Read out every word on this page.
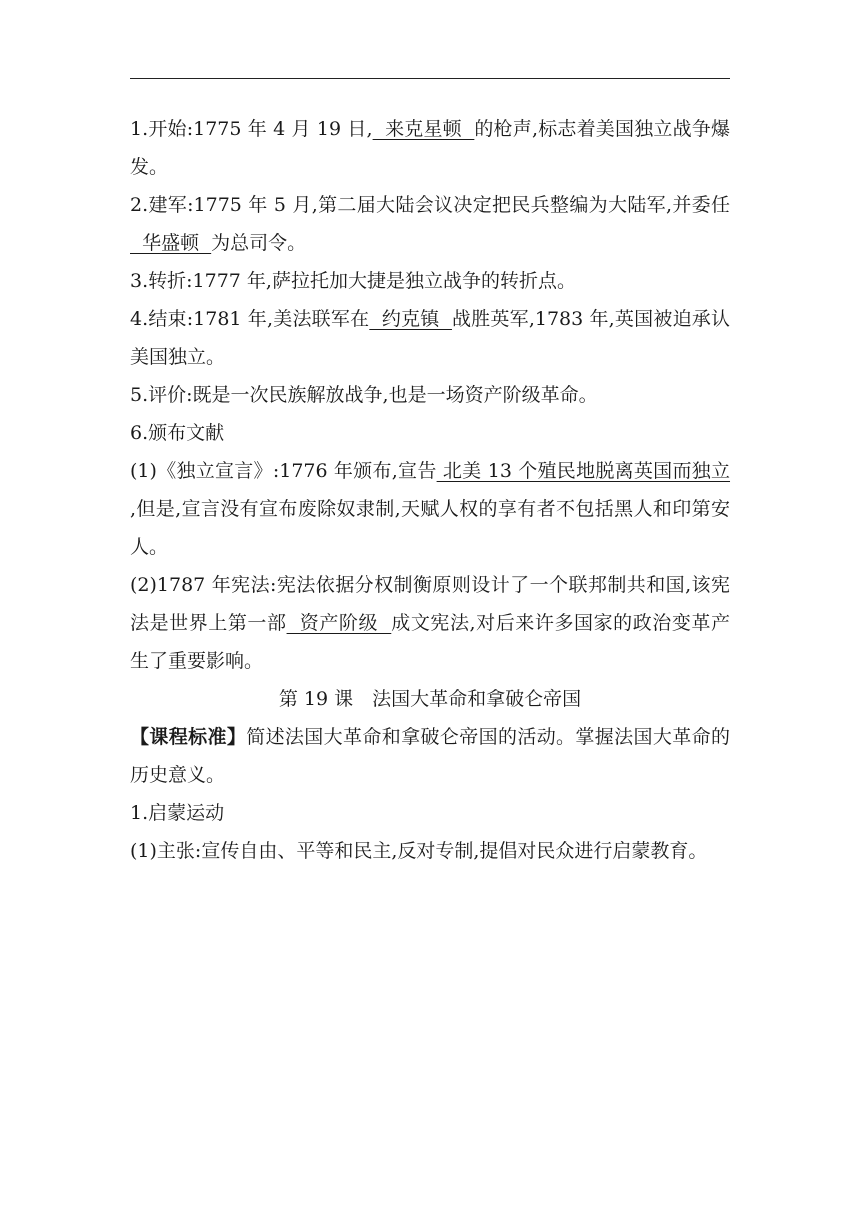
1.开始:1775 年 4 月 19 日,  来克星顿  的枪声,标志着美国独立战争爆发。

2.建军:1775 年 5 月,第二届大陆会议决定把民兵整编为大陆军,并委任  华盛顿  为总司令。

3.转折:1777 年,萨拉托加大捷是独立战争的转折点。

4.结束:1781 年,美法联军在  约克镇  战胜英军,1783 年,英国被迫承认美国独立。

5.评价:既是一次民族解放战争,也是一场资产阶级革命。

6.颁布文献

(1)《独立宣言》:1776 年颁布,宣告 北美 13 个殖民地脱离英国而独立 ,但是,宣言没有宣布废除奴隶制,天赋人权的享有者不包括黑人和印第安人。

(2)1787 年宪法:宪法依据分权制衡原则设计了一个联邦制共和国,该宪法是世界上第一部  资产阶级  成文宪法,对后来许多国家的政治变革产生了重要影响。

第 19 课　法国大革命和拿破仑帝国

【课程标准】简述法国大革命和拿破仑帝国的活动。掌握法国大革命的历史意义。

1.启蒙运动

(1)主张:宣传自由、平等和民主,反对专制,提倡对民众进行启蒙教育。
